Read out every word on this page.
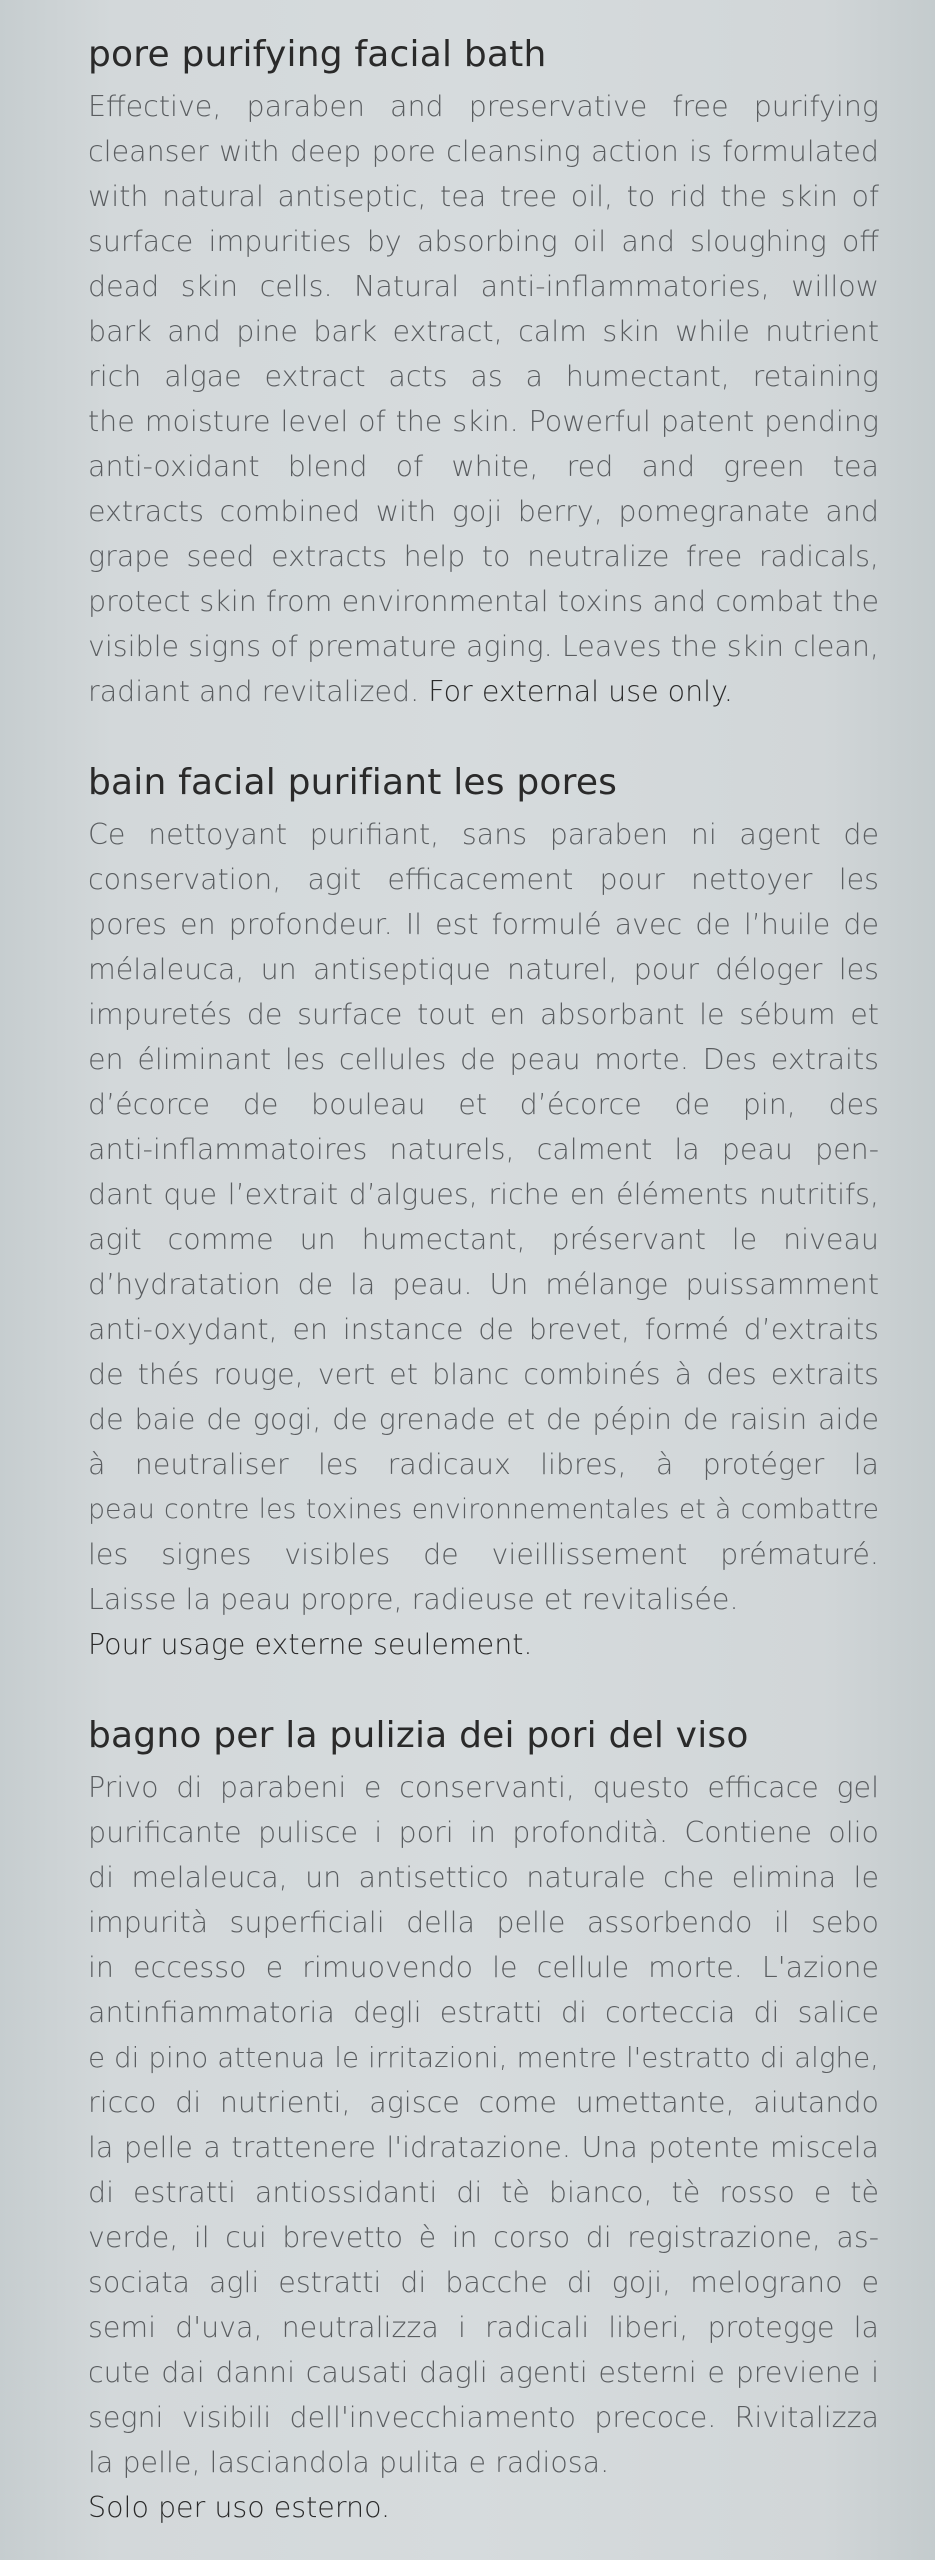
pore purifying facial bath
Effective, paraben and preservative free purifying
cleanser with deep pore cleansing action is formulated
with natural antiseptic, tea tree oil, to rid the skin of
surface impurities by absorbing oil and sloughing off
dead skin cells. Natural anti-inflammatories, willow
bark and pine bark extract, calm skin while nutrient
rich algae extract acts as a humectant, retaining
the moisture level of the skin. Powerful patent pending
anti-oxidant blend of white, red and green tea
extracts combined with goji berry, pomegranate and
grape seed extracts help to neutralize free radicals,
protect skin from environmental toxins and combat the
visible signs of premature aging. Leaves the skin clean,
radiant and revitalized. For external use only.
bain facial purifiant les pores
Ce nettoyant purifiant, sans paraben ni agent de
conservation, agit efficacement pour nettoyer les
pores en profondeur. Il est formulé avec de l’huile de
mélaleuca, un antiseptique naturel, pour déloger les
impuretés de surface tout en absorbant le sébum et
en éliminant les cellules de peau morte. Des extraits
d’écorce de bouleau et d’écorce de pin, des
anti-inflammatoires naturels, calment la peau pen-
dant que l’extrait d’algues, riche en éléments nutritifs,
agit comme un humectant, préservant le niveau
d’hydratation de la peau. Un mélange puissamment
anti-oxydant, en instance de brevet, formé d’extraits
de thés rouge, vert et blanc combinés à des extraits
de baie de gogi, de grenade et de pépin de raisin aide
à neutraliser les radicaux libres, à protéger la
peau contre les toxines environnementales et à combattre
les signes visibles de vieillissement prématuré.
Laisse la peau propre, radieuse et revitalisée.
Pour usage externe seulement.
bagno per la pulizia dei pori del viso
Privo di parabeni e conservanti, questo efficace gel
purificante pulisce i pori in profondità. Contiene olio
di melaleuca, un antisettico naturale che elimina le
impurità superficiali della pelle assorbendo il sebo
in eccesso e rimuovendo le cellule morte. L'azione
antinfiammatoria degli estratti di corteccia di salice
e di pino attenua le irritazioni, mentre l'estratto di alghe,
ricco di nutrienti, agisce come umettante, aiutando
la pelle a trattenere l'idratazione. Una potente miscela
di estratti antiossidanti di tè bianco, tè rosso e tè
verde, il cui brevetto è in corso di registrazione, as-
sociata agli estratti di bacche di goji, melograno e
semi d'uva, neutralizza i radicali liberi, protegge la
cute dai danni causati dagli agenti esterni e previene i
segni visibili dell'invecchiamento precoce. Rivitalizza
la pelle, lasciandola pulita e radiosa.
Solo per uso esterno.
